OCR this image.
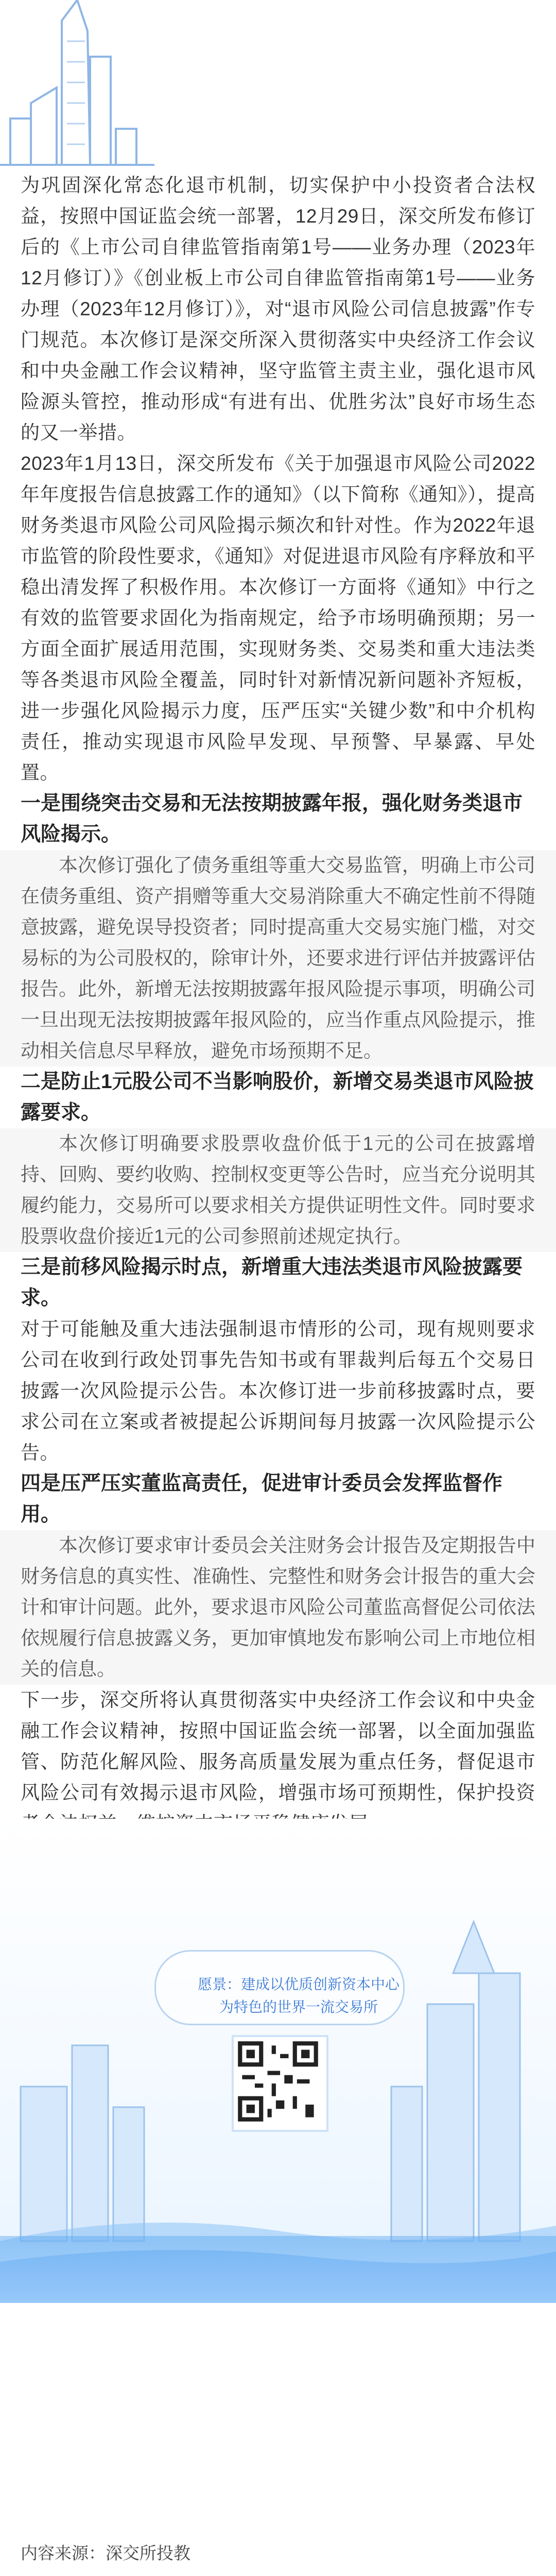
为巩固深化常态化退市机制，切实保护中小投资者合法权益，按照中国证监会统一部署，12月29日，深交所发布修订后的《上市公司自律监管指南第1号——业务办理（2023年12月修订）》《创业板上市公司自律监管指南第1号——业务办理（2023年12月修订）》，对“退市风险公司信息披露”作专门规范。本次修订是深交所深入贯彻落实中央经济工作会议和中央金融工作会议精神，坚守监管主责主业，强化退市风险源头管控，推动形成“有进有出、优胜劣汰”良好市场生态的又一举措。

2023年1月13日，深交所发布《关于加强退市风险公司2022年年度报告信息披露工作的通知》（以下简称《通知》），提高财务类退市风险公司风险揭示频次和针对性。作为2022年退市监管的阶段性要求，《通知》对促进退市风险有序释放和平稳出清发挥了积极作用。本次修订一方面将《通知》中行之有效的监管要求固化为指南规定，给予市场明确预期；另一方面全面扩展适用范围，实现财务类、交易类和重大违法类等各类退市风险全覆盖，同时针对新情况新问题补齐短板，进一步强化风险揭示力度，压严压实“关键少数”和中介机构责任，推动实现退市风险早发现、早预警、早暴露、早处置。

一是围绕突击交易和无法按期披露年报，强化财务类退市风险揭示。

本次修订强化了债务重组等重大交易监管，明确上市公司在债务重组、资产捐赠等重大交易消除重大不确定性前不得随意披露，避免误导投资者；同时提高重大交易实施门槛，对交易标的为公司股权的，除审计外，还要求进行评估并披露评估报告。此外，新增无法按期披露年报风险提示事项，明确公司一旦出现无法按期披露年报风险的，应当作重点风险提示，推动相关信息尽早释放，避免市场预期不足。

二是防止1元股公司不当影响股价，新增交易类退市风险披露要求。

本次修订明确要求股票收盘价低于1元的公司在披露增持、回购、要约收购、控制权变更等公告时，应当充分说明其履约能力，交易所可以要求相关方提供证明性文件。同时要求股票收盘价接近1元的公司参照前述规定执行。

三是前移风险揭示时点，新增重大违法类退市风险披露要求。

对于可能触及重大违法强制退市情形的公司，现有规则要求公司在收到行政处罚事先告知书或有罪裁判后每五个交易日披露一次风险提示公告。本次修订进一步前移披露时点，要求公司在立案或者被提起公诉期间每月披露一次风险提示公告。

四是压严压实董监高责任，促进审计委员会发挥监督作用。

本次修订要求审计委员会关注财务会计报告及定期报告中财务信息的真实性、准确性、完整性和财务会计报告的重大会计和审计问题。此外，要求退市风险公司董监高督促公司依法依规履行信息披露义务，更加审慎地发布影响公司上市地位相关的信息。

下一步，深交所将认真贯彻落实中央经济工作会议和中央金融工作会议精神，按照中国证监会统一部署，以全面加强监管、防范化解风险、服务高质量发展为重点任务，督促退市风险公司有效揭示退市风险，增强市场可预期性，保护投资

愿景：建成以优质创新资本中心
为特色的世界一流交易所
内容来源：深交所投教
